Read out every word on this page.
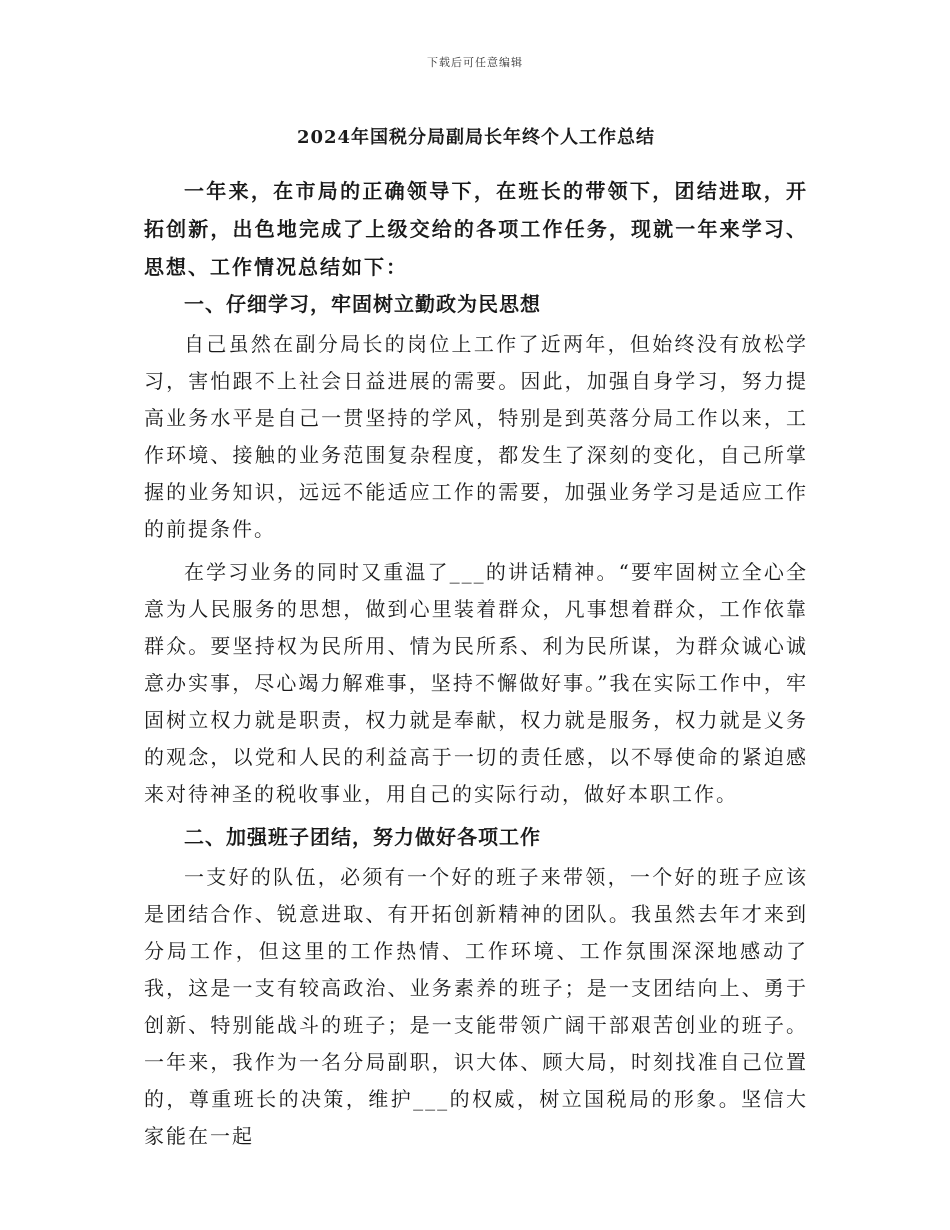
下载后可任意编辑
2024年国税分局副局长年终个人工作总结

一年来，在市局的正确领导下，在班长的带领下，团结进取，开拓创新，出色地完成了上级交给的各项工作任务，现就一年来学习、思想、工作情况总结如下：

一、仔细学习，牢固树立勤政为民思想

自己虽然在副分局长的岗位上工作了近两年，但始终没有放松学习，害怕跟不上社会日益进展的需要。因此，加强自身学习，努力提高业务水平是自己一贯坚持的学风，特别是到英落分局工作以来，工作环境、接触的业务范围复杂程度，都发生了深刻的变化，自己所掌握的业务知识，远远不能适应工作的需要，加强业务学习是适应工作的前提条件。

在学习业务的同时又重温了___的讲话精神。“要牢固树立全心全意为人民服务的思想，做到心里装着群众，凡事想着群众，工作依靠群众。要坚持权为民所用、情为民所系、利为民所谋，为群众诚心诚意办实事，尽心竭力解难事，坚持不懈做好事。”我在实际工作中，牢固树立权力就是职责，权力就是奉献，权力就是服务，权力就是义务的观念，以党和人民的利益高于一切的责任感，以不辱使命的紧迫感来对待神圣的税收事业，用自己的实际行动，做好本职工作。

二、加强班子团结，努力做好各项工作

一支好的队伍，必须有一个好的班子来带领，一个好的班子应该是团结合作、锐意进取、有开拓创新精神的团队。我虽然去年才来到分局工作，但这里的工作热情、工作环境、工作氛围深深地感动了我，这是一支有较高政治、业务素养的班子；是一支团结向上、勇于创新、特别能战斗的班子；是一支能带领广阔干部艰苦创业的班子。一年来，我作为一名分局副职，识大体、顾大局，时刻找准自己位置的，尊重班长的决策，维护___的权威，树立国税局的形象。坚信大家能在一起
